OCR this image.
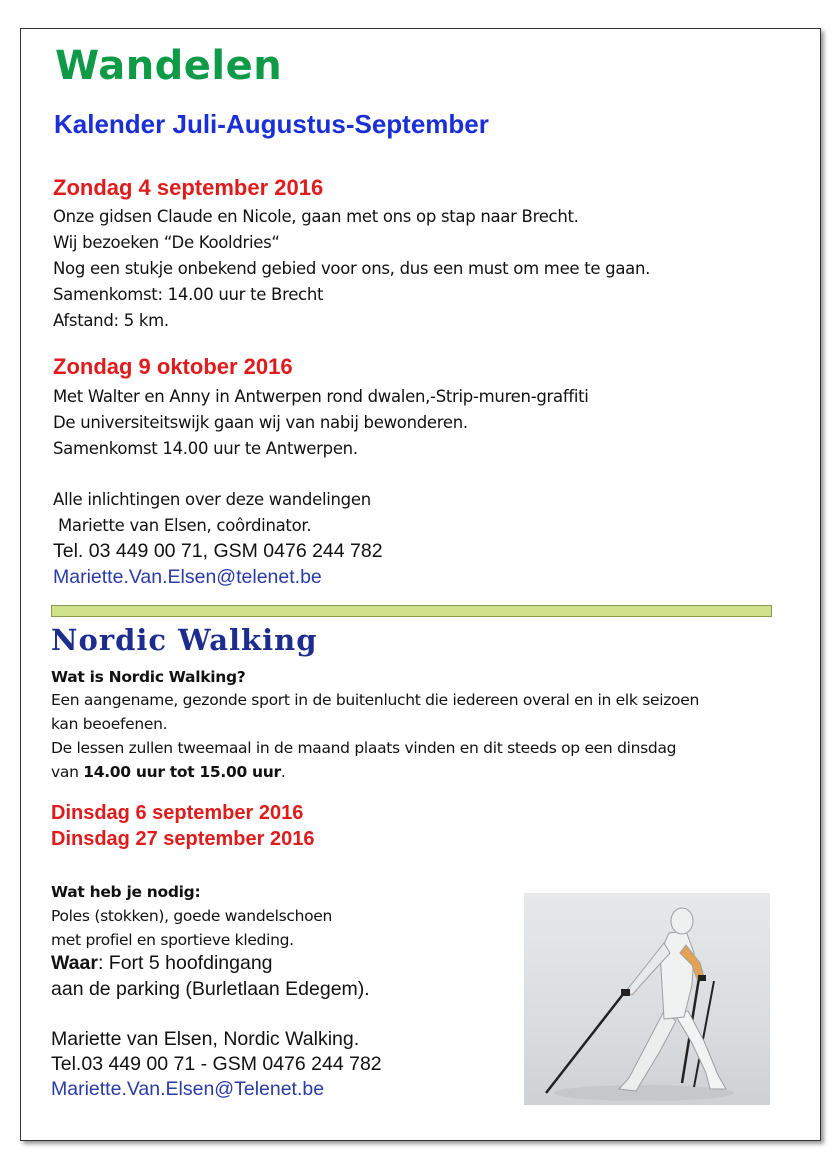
Wandelen
Kalender Juli-Augustus-September
Zondag 4 september 2016
Onze gidsen Claude en Nicole, gaan met ons op stap naar Brecht.
Wij bezoeken “De Kooldries“
Nog een stukje onbekend gebied voor ons, dus een must om mee te gaan.
Samenkomst: 14.00 uur te Brecht
Afstand: 5 km.
Zondag 9 oktober 2016
Met Walter en Anny in Antwerpen rond dwalen,-Strip-muren-graffiti
De universiteitswijk gaan wij van nabij bewonderen.
Samenkomst 14.00 uur te Antwerpen.
Alle inlichtingen over deze wandelingen
Mariette van Elsen, coôrdinator.
Tel. 03 449 00 71, GSM 0476 244 782
Mariette.Van.Elsen@telenet.be
Nordic Walking
Wat is Nordic Walking?
Een aangename, gezonde sport in de buitenlucht die iedereen overal en in elk seizoen
kan beoefenen.
De lessen zullen tweemaal in de maand plaats vinden en dit steeds op een dinsdag
van 14.00 uur tot 15.00 uur.
Dinsdag 6 september 2016
Dinsdag 27 september 2016
Wat heb je nodig:
Poles (stokken), goede wandelschoen
met profiel en sportieve kleding.
Waar: Fort 5 hoofdingang
aan de parking (Burletlaan Edegem).
Mariette van Elsen, Nordic Walking.
Tel.03 449 00 71 - GSM 0476 244 782
Mariette.Van.Elsen@Telenet.be
